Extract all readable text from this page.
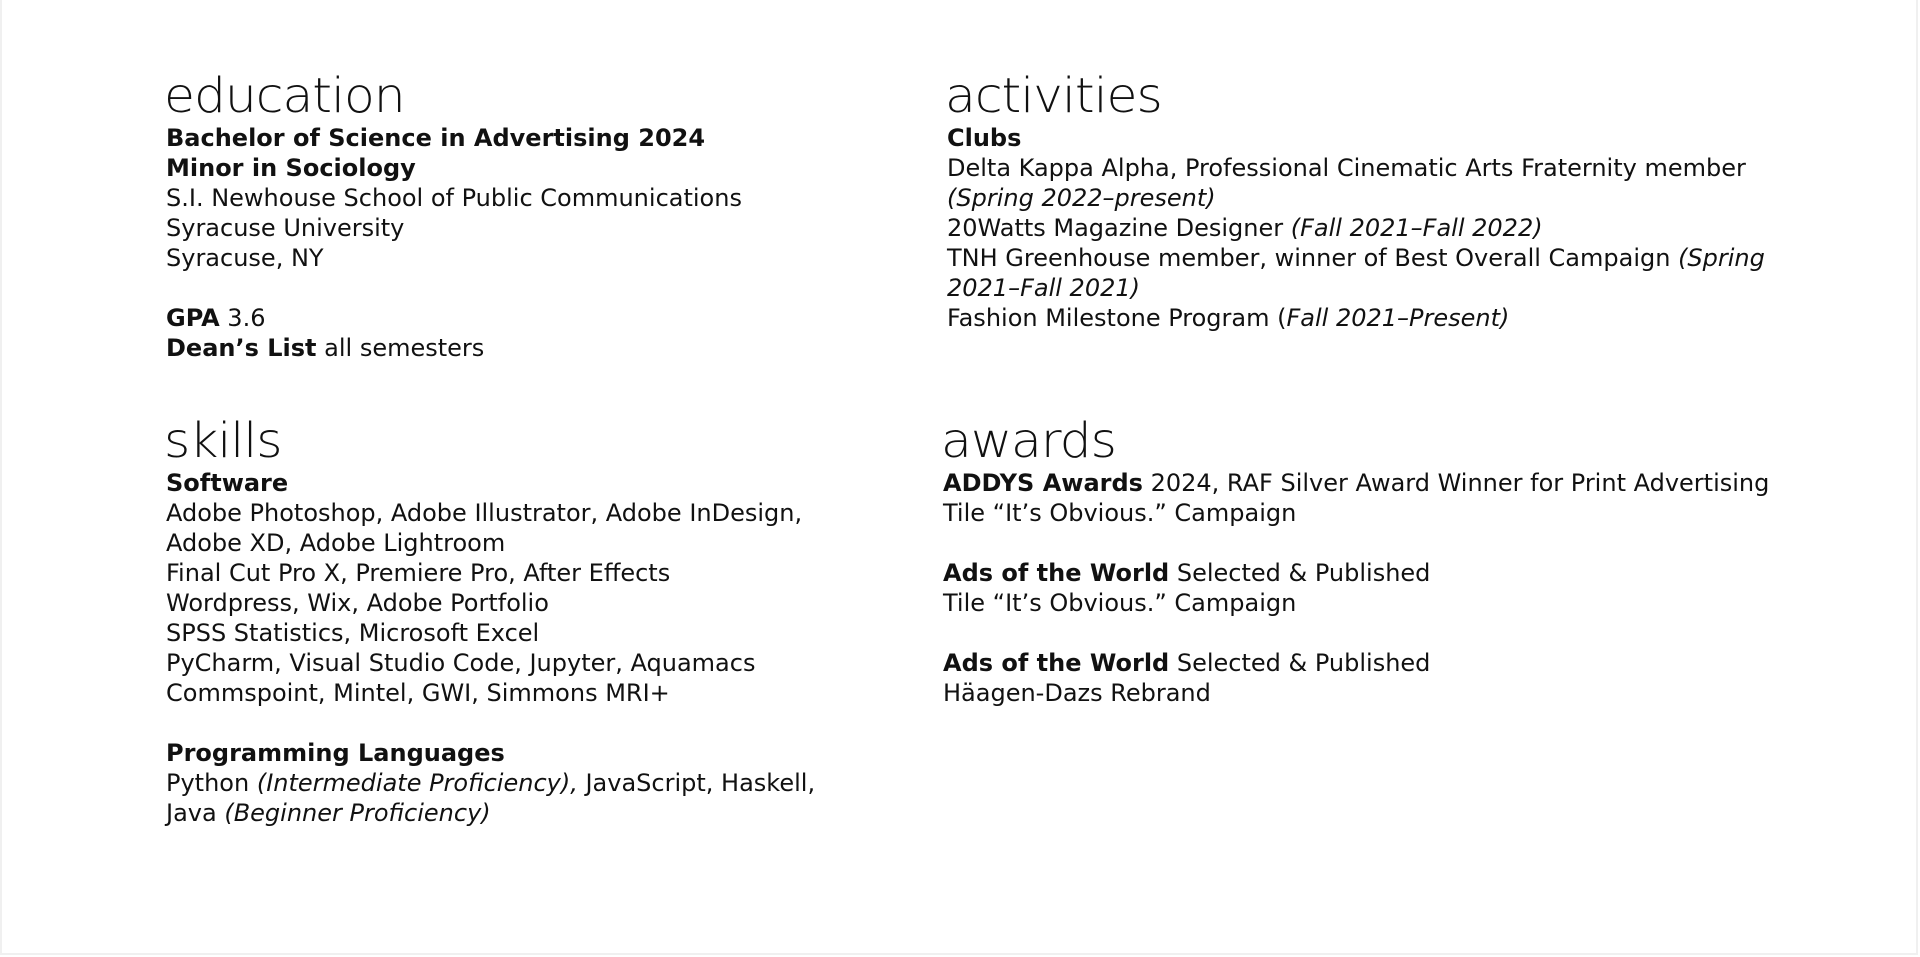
education
Bachelor of Science in Advertising 2024
Minor in Sociology
S.I. Newhouse School of Public Communications
Syracuse University
Syracuse, NY
GPA 3.6
Dean’s List all semesters
skills
Software
Adobe Photoshop, Adobe Illustrator, Adobe InDesign,
Adobe XD, Adobe Lightroom
Final Cut Pro X, Premiere Pro, After Effects
Wordpress, Wix, Adobe Portfolio
SPSS Statistics, Microsoft Excel
PyCharm, Visual Studio Code, Jupyter, Aquamacs
Commspoint, Mintel, GWI, Simmons MRI+
Programming Languages
Python (Intermediate Proficiency), JavaScript, Haskell,
Java (Beginner Proficiency)
activities
Clubs
Delta Kappa Alpha, Professional Cinematic Arts Fraternity member
(Spring 2022–present)
20Watts Magazine Designer (Fall 2021–Fall 2022)
TNH Greenhouse member, winner of Best Overall Campaign (Spring
2021–Fall 2021)
Fashion Milestone Program (Fall 2021–Present)
awards
ADDYS Awards 2024, RAF Silver Award Winner for Print Advertising
Tile “It’s Obvious.” Campaign
Ads of the World Selected & Published
Tile “It’s Obvious.” Campaign
Ads of the World Selected & Published
Häagen-Dazs Rebrand
